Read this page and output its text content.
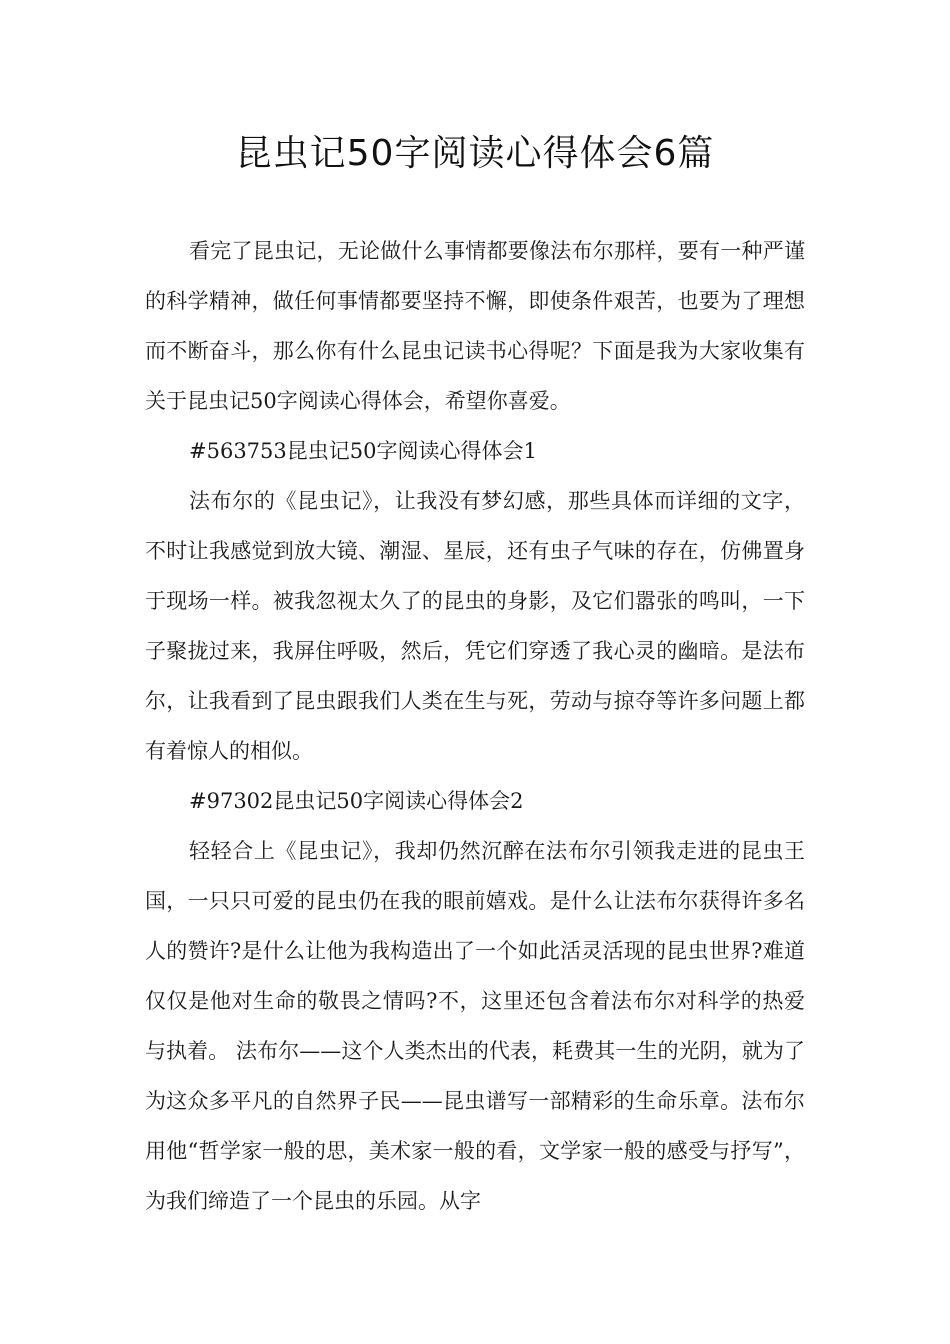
昆虫记50字阅读心得体会6篇

看完了昆虫记，无论做什么事情都要像法布尔那样，要有一种严谨的科学精神，做任何事情都要坚持不懈，即使条件艰苦，也要为了理想而不断奋斗，那么你有什么昆虫记读书心得呢？下面是我为大家收集有关于昆虫记50字阅读心得体会，希望你喜爱。

#563753昆虫记50字阅读心得体会1

法布尔的《昆虫记》，让我没有梦幻感，那些具体而详细的文字，不时让我感觉到放大镜、潮湿、星辰，还有虫子气味的存在，仿佛置身于现场一样。被我忽视太久了的昆虫的身影，及它们嚣张的鸣叫，一下子聚拢过来，我屏住呼吸，然后，凭它们穿透了我心灵的幽暗。是法布尔，让我看到了昆虫跟我们人类在生与死，劳动与掠夺等许多问题上都有着惊人的相似。

#97302昆虫记50字阅读心得体会2

轻轻合上《昆虫记》，我却仍然沉醉在法布尔引领我走进的昆虫王国，一只只可爱的昆虫仍在我的眼前嬉戏。是什么让法布尔获得许多名人的赞许?是什么让他为我构造出了一个如此活灵活现的昆虫世界?难道仅仅是他对生命的敬畏之情吗?不，这里还包含着法布尔对科学的热爱与执着。 法布尔——这个人类杰出的代表，耗费其一生的光阴，就为了为这众多平凡的自然界子民——昆虫谱写一部精彩的生命乐章。法布尔用他“哲学家一般的思，美术家一般的看，文学家一般的感受与抒写”，为我们缔造了一个昆虫的乐园。从字
